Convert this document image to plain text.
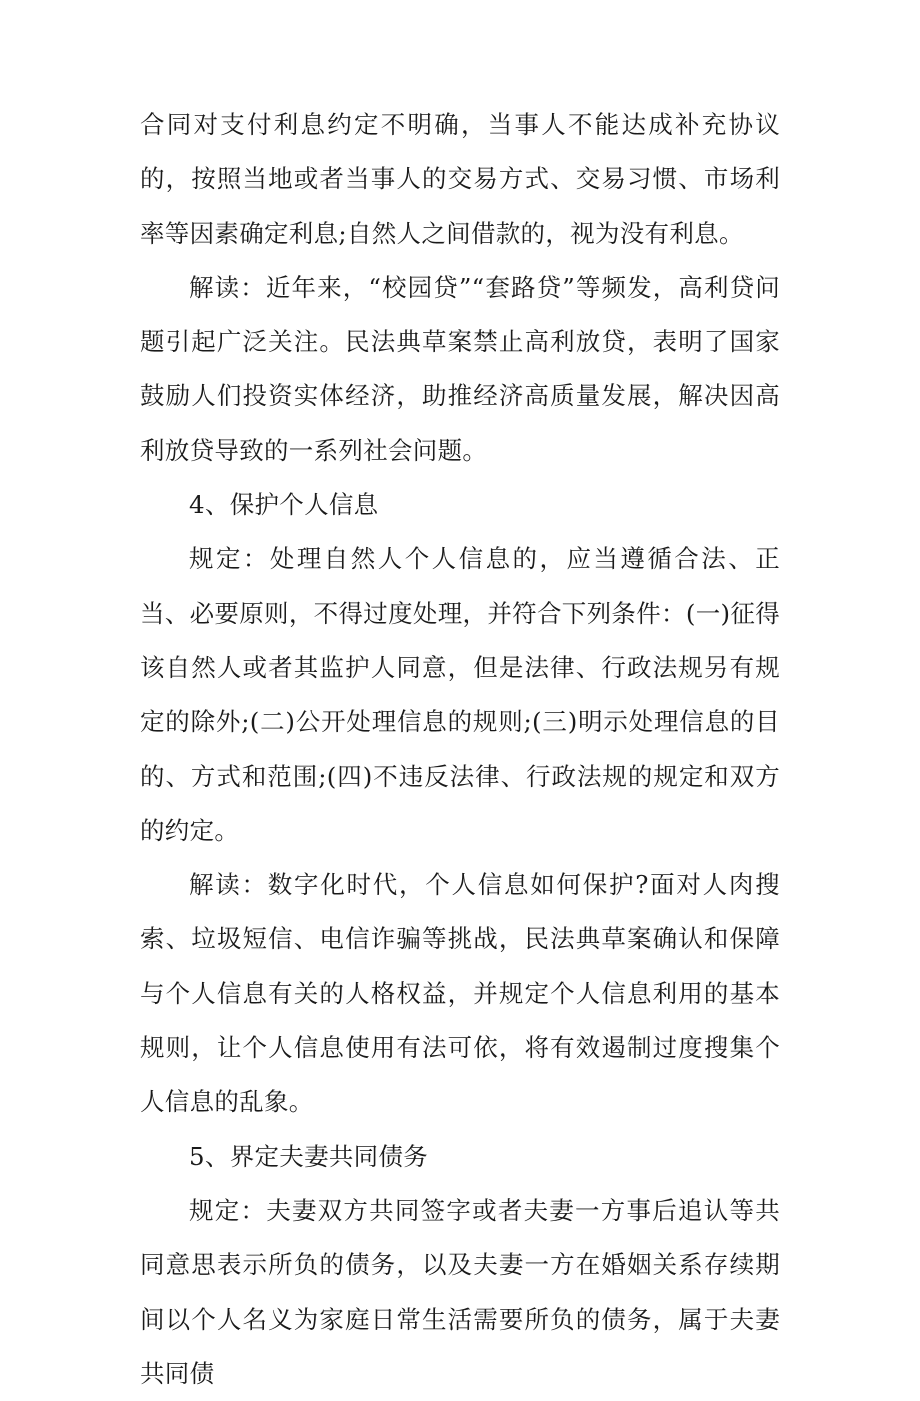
合同对支付利息约定不明确，当事人不能达成补充协议的，按照当地或者当事人的交易方式、交易习惯、市场利率等因素确定利息;自然人之间借款的，视为没有利息。

解读：近年来，“校园贷”“套路贷”等频发，高利贷问题引起广泛关注。民法典草案禁止高利放贷，表明了国家鼓励人们投资实体经济，助推经济高质量发展，解决因高利放贷导致的一系列社会问题。

4、保护个人信息

规定：处理自然人个人信息的，应当遵循合法、正当、必要原则，不得过度处理，并符合下列条件：(一)征得该自然人或者其监护人同意，但是法律、行政法规另有规定的除外;(二)公开处理信息的规则;(三)明示处理信息的目的、方式和范围;(四)不违反法律、行政法规的规定和双方的约定。

解读：数字化时代，个人信息如何保护?面对人肉搜索、垃圾短信、电信诈骗等挑战，民法典草案确认和保障与个人信息有关的人格权益，并规定个人信息利用的基本规则，让个人信息使用有法可依，将有效遏制过度搜集个人信息的乱象。

5、界定夫妻共同债务

规定：夫妻双方共同签字或者夫妻一方事后追认等共同意思表示所负的债务，以及夫妻一方在婚姻关系存续期间以个人名义为家庭日常生活需要所负的债务，属于夫妻共同债
